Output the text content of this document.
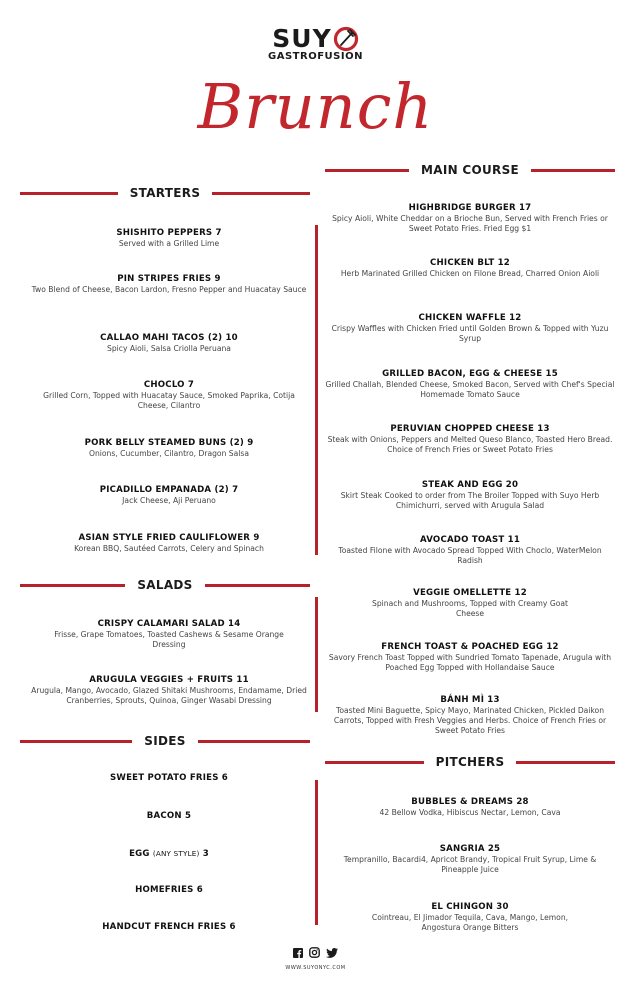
SUY
GASTROFUSION
Brunch
STARTERS
MAIN COURSE
SALADS
SIDES
PITCHERS
SHISHITO PEPPERS 7
Served with a Grilled Lime
PIN STRIPES FRIES 9
Two Blend of Cheese, Bacon Lardon, Fresno Pepper and Huacatay Sauce
CALLAO MAHI TACOS (2) 10
Spicy Aioli, Salsa Criolla Peruana
CHOCLO 7
Grilled Corn, Topped with Huacatay Sauce, Smoked Paprika, Cotija Cheese, Cilantro
PORK BELLY STEAMED BUNS (2) 9
Onions, Cucumber, Cilantro, Dragon Salsa
PICADILLO EMPANADA (2) 7
Jack Cheese, Aji Peruano
ASIAN STYLE FRIED CAULIFLOWER 9
Korean BBQ, Sautéed Carrots, Celery and Spinach
CRISPY CALAMARI SALAD 14
Frisse, Grape Tomatoes, Toasted Cashews & Sesame Orange Dressing
ARUGULA VEGGIES + FRUITS 11
Arugula, Mango, Avocado, Glazed Shitaki Mushrooms, Endamame, Dried Cranberries, Sprouts, Quinoa, Ginger Wasabi Dressing
SWEET POTATO FRIES 6
BACON 5
EGG (ANY STYLE) 3
HOMEFRIES 6
HANDCUT FRENCH FRIES 6
HIGHBRIDGE BURGER 17
Spicy Aioli, White Cheddar on a Brioche Bun, Served with French Fries or Sweet Potato Fries. Fried Egg $1
CHICKEN BLT 12
Herb Marinated Grilled Chicken on Filone Bread, Charred Onion Aioli
CHICKEN WAFFLE 12
Crispy Waffles with Chicken Fried until Golden Brown & Topped with Yuzu Syrup
GRILLED BACON, EGG & CHEESE 15
Grilled Challah, Blended Cheese, Smoked Bacon, Served with Chef's Special Homemade Tomato Sauce
PERUVIAN CHOPPED CHEESE 13
Steak with Onions, Peppers and Melted Queso Blanco, Toasted Hero Bread. Choice of French Fries or Sweet Potato Fries
STEAK AND EGG 20
Skirt Steak Cooked to order from The Broiler Topped with Suyo Herb Chimichurri, served with Arugula Salad
AVOCADO TOAST 11
Toasted Filone with Avocado Spread Topped With Choclo, WaterMelon Radish
VEGGIE OMELLETTE 12
Spinach and Mushrooms, Topped with Creamy Goat Cheese
FRENCH TOAST & POACHED EGG 12
Savory French Toast Topped with Sundried Tomato Tapenade, Arugula with Poached Egg Topped with Hollandaise Sauce
BÁNH MÌ 13
Toasted Mini Baguette, Spicy Mayo, Marinated Chicken, Pickled Daikon Carrots, Topped with Fresh Veggies and Herbs. Choice of French Fries or Sweet Potato Fries
BUBBLES & DREAMS 28
42 Bellow Vodka, Hibiscus Nectar, Lemon, Cava
SANGRIA 25
Tempranillo, Bacardi4, Apricot Brandy, Tropical Fruit Syrup, Lime & Pineapple Juice
EL CHINGON 30
Cointreau, El Jimador Tequila, Cava, Mango, Lemon, Angostura Orange Bitters
WWW.SUYONYC.COM
